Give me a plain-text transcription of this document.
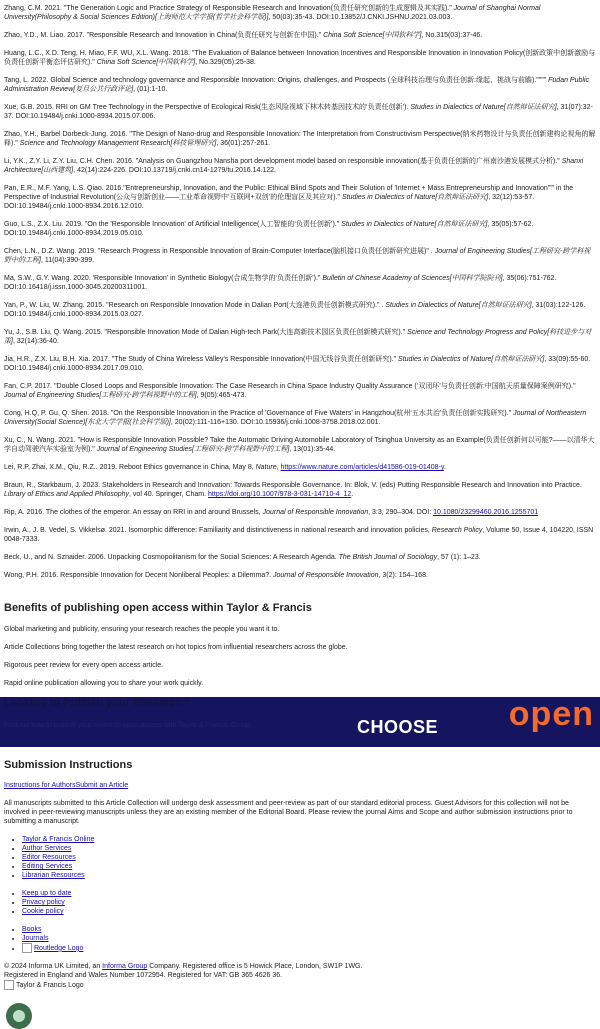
Zhang, C.M. 2021. "The Generation Logic and Practice Strategy of Responsible Research and Innovation(负责任研究创新的生成逻辑及其实践)." Journal of Shanghai Normal University(Philosophy & Social Sciences Edition)[上海师范大学学报(哲学社会科学版)], 50(03):35-43. DOI:10.13852/J.CNKI.JSHNU.2021.03.003.

Zhao, Y.D., M. Liao. 2017. "Responsible Research and Innovation in China(负责任研究与创新在中国)." China Soft Science[中国软科学], No.315(03):37-46.

Huang, L.C., X.D. Teng, H. Miao, F.F. WU, X.L. Wang. 2018. "The Evaluation of Balance between Innovation Incentives and Responsible Innovation in Innovation Policy(创新政策中创新激励与负责任创新平衡态评估研究)." China Soft Science[中国软科学], No.329(05):25-38.

Tang, L. 2022. Global Science and technology governance and Responsible Innovation: Origins, challenges, and Prospects (全球科技治理与负责任创新:缘起、挑战与前瞻)."""" Fudan Public Administration Review[复旦公共行政评论], (01):1-10.

Xue, G.B. 2015. RRI on GM Tree Technology in the Perspective of Ecological Risk(生态风险视域下林木转基因技术的‘负责任创新’). Studies in Dialectics of Nature[自然辩证法研究], 31(07):32-37. DOI:10.19484/j.cnki.1000-8934.2015.07.006.

Zhao, Y.H., Barbel Dorbeck-Jung. 2016. "The Design of Nano-drug and Responsible Innovation: The Interpretation from Constructivism Perspective(纳米药物设计与负责任创新建构论视角的解释)." Science and Technology Management Research[科技管理研究], 36(01):257-261.

Li, Y.K., Z.Y. Li, Z.Y. Liu, C.H. Chen. 2016. "Analysis on Guangzhou Nansha port development model based on responsible innovation(基于负责任创新的广州南沙港发展模式分析)." Shanxi Architecture[山西建筑], 42(14):224-226. DOI:10.13719/j.cnki.cn14-1279/tu.2016.14.122.

Pan, E.R., M.F. Yang, L.S. Qiao. 2016."Entrepreneurship, Innovation, and the Public: Ethical Blind Spots and Their Solution of 'Internet + Mass Entrepreneurship and Innovation'"" in the Perspective of Industrial Revolution(公众与创新创业——工业革命视野中‘互联网+双创’的伦理盲区及其应对)." Studies in Dialectics of Nature[自然辩证法研究], 32(12):53-57. DOI:10.19484/j.cnki.1000-8934.2016.12.010.

Guo, L.S., Z.X. Liu. 2019. "On the 'Responsible Innovation' of Artificial Intelligence(人工智能的‘负责任创新’)." Studies in Dialectics of Nature[自然辩证法研究], 35(05):57-62. DOI:10.19484/j.cnki.1000-8934.2019.05.010.

Chen, L.N., D.Z. Wang. 2019. "Research Progress in Responsible Innovation of Brain-Computer Interface(脑机接口负责任创新研究进展)" . Journal of Engineering Studies[工程研究-跨学科视野中的工程], 11(04):390-399.

Ma, S.W., G.Y. Wang. 2020. 'Responsible Innovation' in Synthetic Biology(合成生物学的‘负责任创新’)." Bulletin of Chinese Academy of Sciences[中国科学院院刊], 35(06):751-762. DOI:10.16418/j.issn.1000-3045.20200311001.

Yan, P., W. Liu, W. Zhang. 2015. "Research on Responsible Innovation Mode in Dalian Port(大连港负责任创新模式研究)." . Studies in Dialectics of Nature[自然辩证法研究], 31(03):122-126. DOI:10.19484/j.cnki.1000-8934.2015.03.027.

Yu, J., S.B. Liu, Q. Wang. 2015. "Responsible Innovation Mode of Dalian High-tech Park(大连高新技术园区负责任创新模式研究)." Science and Technology Progress and Policy[科技进步与对策], 32(14):36-40.

Jia, H.R., Z.X. Liu, B.H. Xia. 2017. "The Study of China Wireless Valley's Responsible Innovation(中国无线谷负责任创新研究)." Studies in Dialectics of Nature[自然辩证法研究], 33(09):55-60. DOI:10.19484/j.cnki.1000-8934.2017.09.010.

Fan, C.P. 2017. "Double Closed Loops and Responsible Innovation: The Case Research in China Space Industry Quality Assurance (‘双闭环’与负责任创新:中国航天质量保障案例研究)." Journal of Engineering Studies[工程研究-跨学科视野中的工程], 9(05):465-473.

Cong, H.Q, P. Gu, Q. Shen. 2018. "On the Responsible Innovation in the Practice of 'Governance of Five Waters' in Hangzhou(杭州‘五水共治’负责任创新实践研究)." Journal of Northeastern University(Social Science)[东北大学学报(社会科学版)], 20(02):111-116+130. DOI:10.15936/j.cnki.1008-3758.2018.02.001.

Xu, C., N. Wang. 2021. "How is Responsible Innovation Possible? Take the Automatic Driving Automobile Laboratory of Tsinghua University as an Example(负责任创新何以可能?——以清华大学自动驾驶汽车实验室为例)." Journal of Engineering Studies[工程研究-跨学科视野中的工程], 13(01):35-44.

Lei, R.P, Zhai, X.M., Qiu, R.Z.. 2019. Reboot Ethics governance in China, May 8, Nature, https://www.nature.com/articles/d41586-019-01408-y.

Braun, R., Starkbaum, J. 2023. Stakeholders in Research and Innovation: Towards Responsible Governance. In: Blok, V. (eds) Putting Responsible Research and Innovation into Practice. Library of Ethics and Applied Philosophy, vol 40. Springer, Cham. https://doi.org/10.1007/978-3-031-14710-4_12.

Rip, A. 2016. The clothes of the emperor. An essay on RRI in and around Brussels, Journal of Responsible Innovation, 3:3, 290–304. DOI: 10.1080/23299460.2016.1255701

Irwin, A., J. B. Vedel, S. Vikkelsø. 2021. Isomorphic difference: Familiarity and distinctiveness in national research and innovation policies, Research Policy, Volume 50, Issue 4, 104220, ISSN 0048-7333.

Beck, U., and N. Sznaider. 2006. Unpacking Cosmopolitanism for the Social Sciences: A Research Agenda. The British Journal of Sociology, 57 (1): 1–23.

Wong, P.H. 2016. Responsible Innovation for Decent Nonliberal Peoples: a Dilemma?. Journal of Responsible Innovation, 3(2): 154–168.

Benefits of publishing open access within Taylor & Francis

Global marketing and publicity, ensuring your research reaches the people you want it to.

Article Collections bring together the latest research on hot topics from influential researchers across the globe.

Rigorous peer review for every open access article.

Rapid online publication allowing you to share your work quickly.

Looking to Publish your Research?
Find out how to publish your research open access with Taylor & Francis Group.	CHOOSE open
Submission Instructions
Instructions for AuthorsSubmit an Article

All manuscripts submitted to this Article Collection will undergo desk assessment and peer-review as part of our standard editorial process. Guest Advisors for this collection will not be involved in peer-reviewing manuscripts unless they are an existing member of the Editorial Board. Please review the journal Aims and Scope and author submission instructions prior to submitting a manuscript.

• Taylor & Francis Online
• Author Services
• Editor Resources
• Editing Services
• Librarian Resources
• Keep up to date
• Privacy policy
• Cookie policy
• Books
• Journals
• Routledge Logo

© 2024 Informa UK Limited, an Informa Group Company. Registered office is 5 Howick Place, London, SW1P 1WG.

Registered in England and Wales Number 1072954. Registered for VAT: GB 365 4626 36.

Taylor & Francis Logo
